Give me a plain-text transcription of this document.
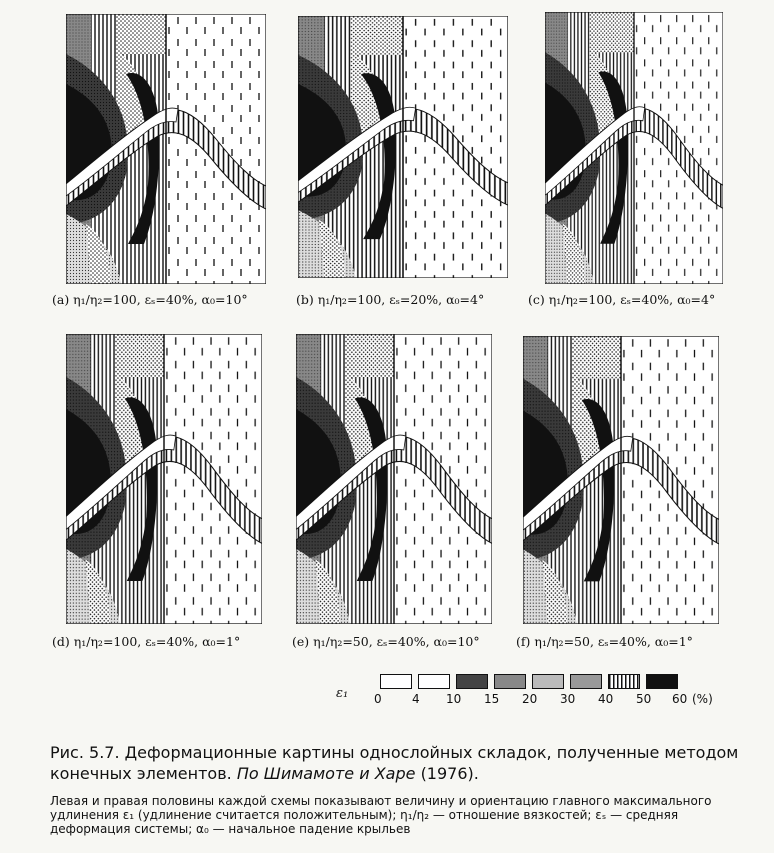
(a) η₁/η₂=100, εₛ=40%, α₀=10°	(b) η₁/η₂=100, εₛ=20%, α₀=4°	(c) η₁/η₂=100, εₛ=40%, α₀=4°
(d) η₁/η₂=100, εₛ=40%, α₀=1°	(e) η₁/η₂=50, εₛ=40%, α₀=10°	(f) η₁/η₂=50, εₛ=40%, α₀=1°
ε₁ 0	4 10 15 20 30 40 50 60 (%)
Рис. 5.7. Деформационные картины однослойных складок, полученные методом конечных элементов. По Шимамоте и Харе (1976).
Левая и правая половины каждой схемы показывают величину и ориентацию главного максимального удлинения ε₁ (удлинение считается положительным); η₁/η₂ — отношение вязкостей; εₛ — средняя деформация системы; α₀ — начальное падение крыльев
